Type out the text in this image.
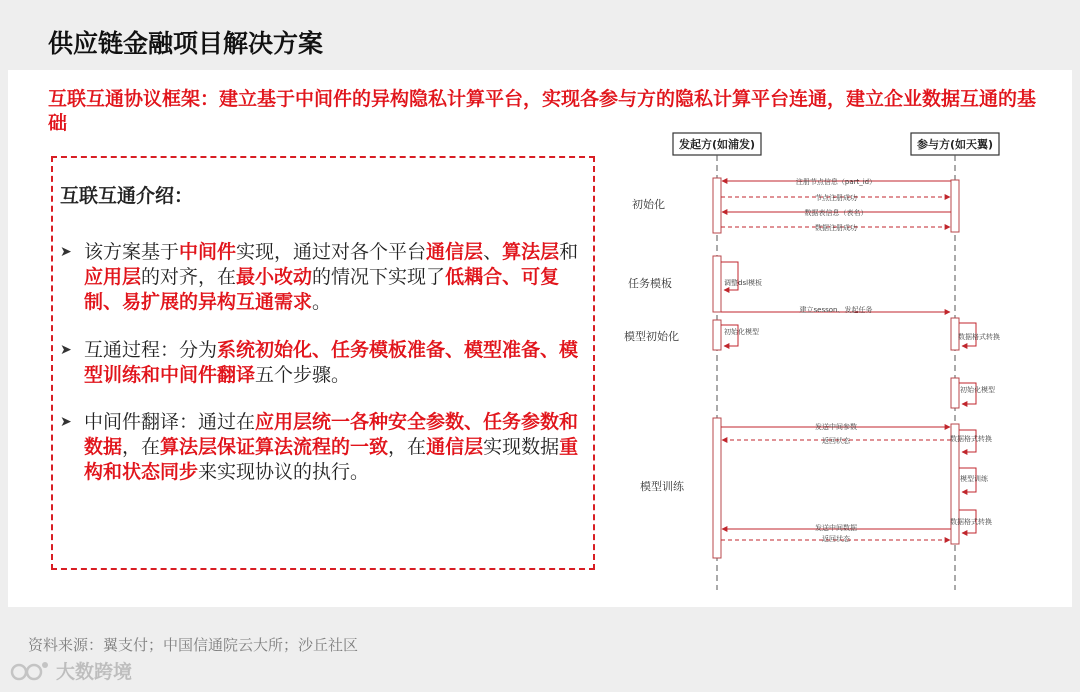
供应链金融项目解决方案
互联互通协议框架：建立基于中间件的异构隐私计算平台，实现各参与方的隐私计算平台连通，建立企业数据互通的基础
互联互通介绍：
➤ 该方案基于中间件实现，通过对各个平台通信层、算法层和应用层的对齐，在最小改动的情况下实现了低耦合、可复制、易扩展的异构互通需求。
➤ 互通过程：分为系统初始化、任务模板准备、模型准备、模型训练和中间件翻译五个步骤。
➤ 中间件翻译：通过在应用层统一各种安全参数、任务参数和数据，在算法层保证算法流程的一致，在通信层实现数据重构和状态同步来实现协议的执行。
发起方(如浦发)	参与方(如天翼)
初始化
任务模板
模型初始化
模型训练
注册节点信息（part_id）
节点注册成功
数据表信息（表名）
数据注册成功
调整dsl模板
建立sesson、发起任务
初始化模型
数据格式转换
初始化模型
发送中间参数
返回状态	数据格式转换
模型训练
数据格式转换
发送中间数据
返回状态
资料来源：翼支付；中国信通院云大所；沙丘社区
大数跨境
